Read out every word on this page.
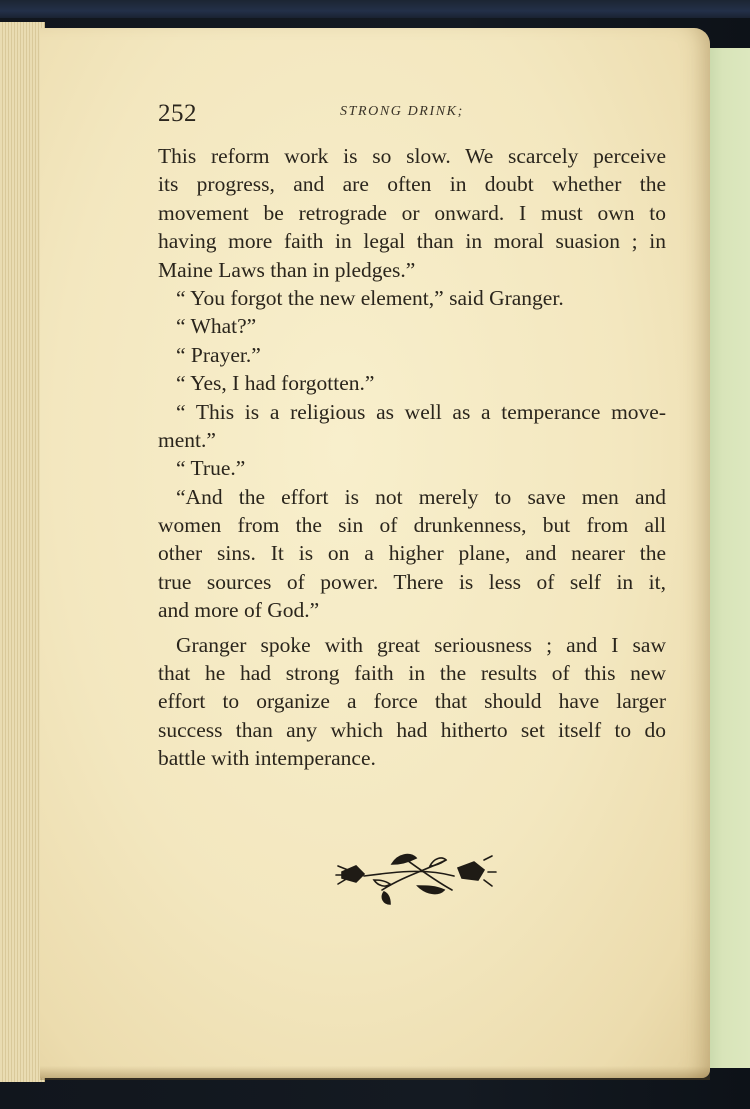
252	STRONG DRINK;
This reform work is so slow. We scarcely perceive
its progress, and are often in doubt whether the
movement be retrograde or onward. I must own to
having more faith in legal than in moral suasion ; in
Maine Laws than in pledges.”
“ You forgot the new element,” said Granger.
“ What?”
“ Prayer.”
“ Yes, I had forgotten.”
“ This is a religious as well as a temperance move-
ment.”
“ True.”
“And the effort is not merely to save men and
women from the sin of drunkenness, but from all
other sins. It is on a higher plane, and nearer the
true sources of power. There is less of self in it,
and more of God.”
Granger spoke with great seriousness ; and I saw
that he had strong faith in the results of this new
effort to organize a force that should have larger
success than any which had hitherto set itself to do
battle with intemperance.
